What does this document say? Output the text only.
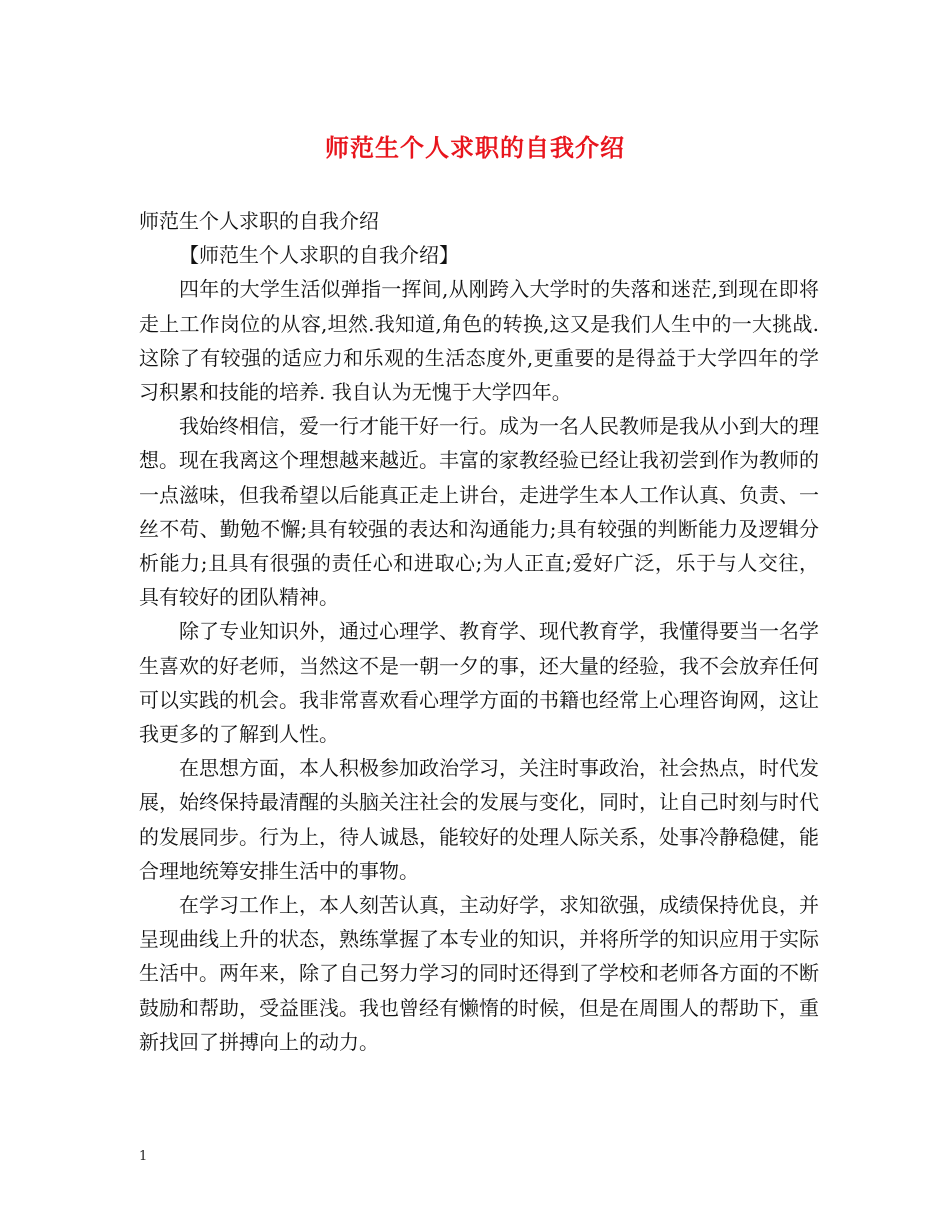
师范生个人求职的自我介绍

师范生个人求职的自我介绍

【师范生个人求职的自我介绍】

四年的大学生活似弹指一挥间,从刚跨入大学时的失落和迷茫,到现在即将走上工作岗位的从容,坦然.我知道,角色的转换,这又是我们人生中的一大挑战.这除了有较强的适应力和乐观的生活态度外,更重要的是得益于大学四年的学习积累和技能的培养. 我自认为无愧于大学四年。

我始终相信，爱一行才能干好一行。成为一名人民教师是我从小到大的理想。现在我离这个理想越来越近。丰富的家教经验已经让我初尝到作为教师的一点滋味，但我希望以后能真正走上讲台，走进学生本人工作认真、负责、一丝不苟、勤勉不懈;具有较强的表达和沟通能力;具有较强的判断能力及逻辑分析能力;且具有很强的责任心和进取心;为人正直;爱好广泛，乐于与人交往，具有较好的团队精神。

除了专业知识外，通过心理学、教育学、现代教育学，我懂得要当一名学生喜欢的好老师，当然这不是一朝一夕的事，还大量的经验，我不会放弃任何可以实践的机会。我非常喜欢看心理学方面的书籍也经常上心理咨询网，这让我更多的了解到人性。

在思想方面，本人积极参加政治学习，关注时事政治，社会热点，时代发展，始终保持最清醒的头脑关注社会的发展与变化，同时，让自己时刻与时代的发展同步。行为上，待人诚恳，能较好的处理人际关系，处事冷静稳健，能合理地统筹安排生活中的事物。

在学习工作上，本人刻苦认真，主动好学，求知欲强，成绩保持优良，并呈现曲线上升的状态，熟练掌握了本专业的知识，并将所学的知识应用于实际生活中。两年来，除了自己努力学习的同时还得到了学校和老师各方面的不断鼓励和帮助，受益匪浅。我也曾经有懒惰的时候，但是在周围人的帮助下，重新找回了拼搏向上的动力。

1
